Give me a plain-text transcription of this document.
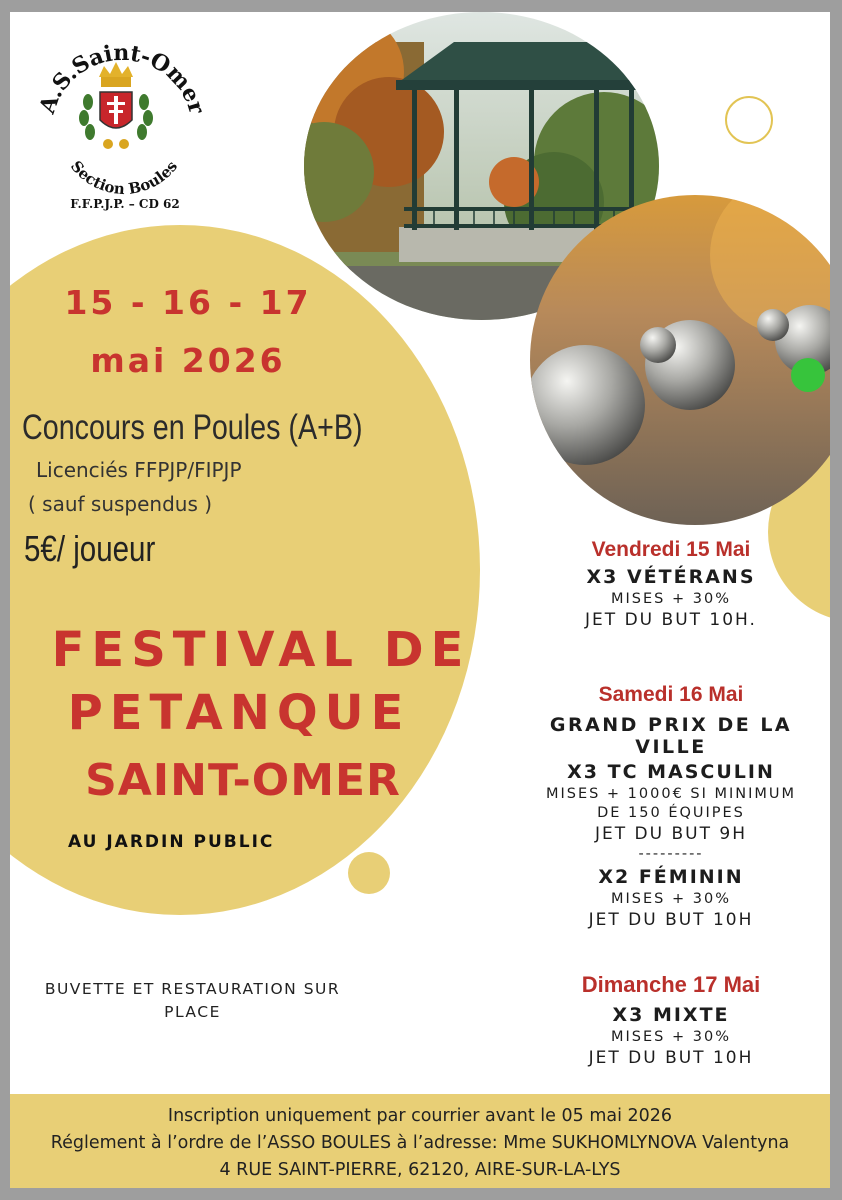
A.S.Saint-Omer
Section Boules
F.F.P.J.P. – CD 62
15 - 16 - 17
mai 2026
Concours en Poules (A+B)
Licenciés FFPJP/FIPJP
( sauf suspendus )
5€/ joueur
FESTIVAL DE
PETANQUE
SAINT-OMER
AU JARDIN PUBLIC
BUVETTE ET RESTAURATION SUR
PLACE
Vendredi 15 Mai
X3 VÉTÉRANS
MISES + 30%
JET DU BUT 10H.
Samedi 16 Mai
GRAND PRIX DE LA VILLE
X3 TC MASCULIN
MISES + 1000€ SI MINIMUM
DE 150 ÉQUIPES
JET DU BUT 9H
---------
X2 FÉMININ
MISES + 30%
JET DU BUT 10H
Dimanche 17 Mai
X3 MIXTE
MISES + 30%
JET DU BUT 10H
Inscription uniquement par courrier avant le 05 mai 2026
Réglement à l’ordre de l’ASSO BOULES à l’adresse: Mme SUKHOMLYNOVA Valentyna
4 RUE SAINT-PIERRE, 62120, AIRE-SUR-LA-LYS
